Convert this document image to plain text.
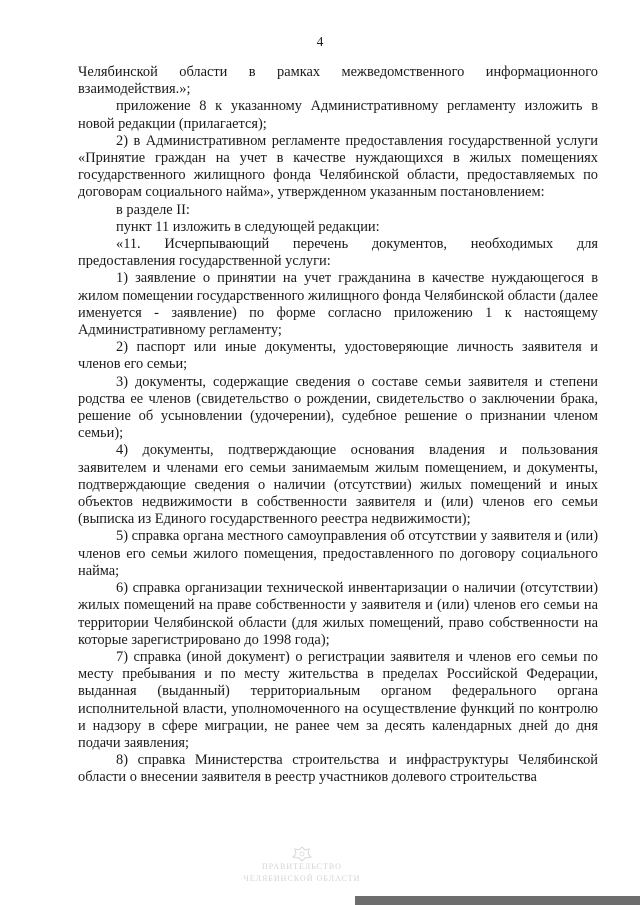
4

Челябинской области в рамках межведомственного информационного взаимодействия.»;

приложение 8 к указанному Административному регламенту изложить в новой редакции (прилагается);

2) в Административном регламенте предоставления государственной услуги «Принятие граждан на учет в качестве нуждающихся в жилых помещениях государственного жилищного фонда Челябинской области, предоставляемых по договорам социального найма», утвержденном указанным постановлением:

в разделе II:

пункт 11 изложить в следующей редакции:

«11. Исчерпывающий перечень документов, необходимых для предоставления государственной услуги:

1) заявление о принятии на учет гражданина в качестве нуждающегося в жилом помещении государственного жилищного фонда Челябинской области (далее именуется - заявление) по форме согласно приложению 1 к настоящему Административному регламенту;

2) паспорт или иные документы, удостоверяющие личность заявителя и членов его семьи;

3) документы, содержащие сведения о составе семьи заявителя и степени родства ее членов (свидетельство о рождении, свидетельство о заключении брака, решение об усыновлении (удочерении), судебное решение о признании членом семьи);

4) документы, подтверждающие основания владения и пользования заявителем и членами его семьи занимаемым жилым помещением, и документы, подтверждающие сведения о наличии (отсутствии) жилых помещений и иных объектов недвижимости в собственности заявителя и (или) членов его семьи (выписка из Единого государственного реестра недвижимости);

5) справка органа местного самоуправления об отсутствии у заявителя и (или) членов его семьи жилого помещения, предоставленного по договору социального найма;

6) справка организации технической инвентаризации о наличии (отсутствии) жилых помещений на праве собственности у заявителя и (или) членов его семьи на территории Челябинской области (для жилых помещений, право собственности на которые зарегистрировано до 1998 года);

7) справка (иной документ) о регистрации заявителя и членов его семьи по месту пребывания и по месту жительства в пределах Российской Федерации, выданная (выданный) территориальным органом федерального органа исполнительной власти, уполномоченного на осуществление функций по контролю и надзору в сфере миграции, не ранее чем за десять календарных дней до дня подачи заявления;

8) справка Министерства строительства и инфраструктуры Челябинской области о внесении заявителя в реестр участников долевого строительства

ПРАВИТЕЛЬСТВО
ЧЕЛЯБИНСКОЙ ОБЛАСТИ
